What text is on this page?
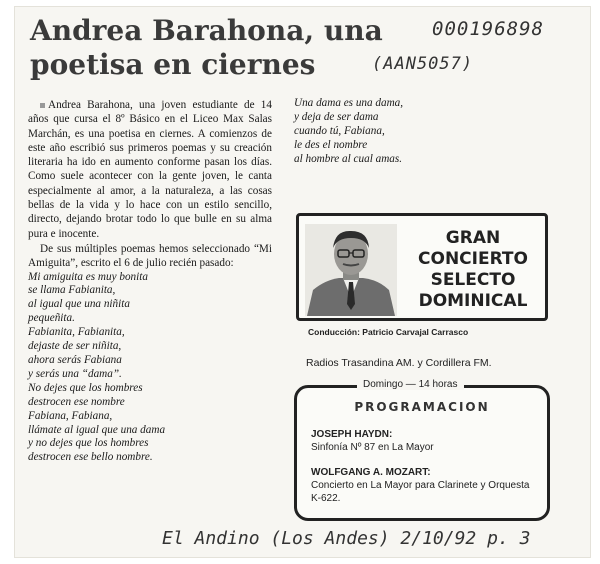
Andrea Barahona, una
poetisa en ciernes
000196898
(AAN5057)

Andrea Barahona, una joven estudiante de 14 años que cursa el 8º Básico en el Liceo Max Salas Marchán, es una poetisa en ciernes. A comienzos de este año escribió sus primeros poemas y su creación literaria ha ido en aumento conforme pasan los días. Como suele acontecer con la gente joven, le canta especialmente al amor, a la naturaleza, a las cosas bellas de la vida y lo hace con un estilo sencillo, directo, dejando brotar todo lo que bulle en su alma pura e inocente.

De sus múltiples poemas hemos seleccionado “Mi Amiguita”, escrito el 6 de julio recién pasado:

Mi amiguita es muy bonita
se llama Fabianita,
al igual que una niñita
pequeñita.
Fabianita, Fabianita,
dejaste de ser niñita,
ahora serás Fabiana
y serás una “dama”.
No dejes que los hombres
destrocen ese nombre
Fabiana, Fabiana,
llámate al igual que una dama
y no dejes que los hombres
destrocen ese bello nombre.
Una dama es una dama,
y deja de ser dama
cuando tú, Fabiana,
le des el nombre
al hombre al cual amas.
GRAN
CONCIERTO
SELECTO
DOMINICAL

Conducción: Patricio Carvajal Carrasco

Radios Trasandina AM. y Cordillera FM.

Domingo — 14 horas

PROGRAMACION

JOSEPH HAYDN:
Sinfonía Nº 87 en La Mayor
WOLFGANG A. MOZART:
Concierto en La Mayor para Clarinete y Orquesta K-622.
El Andino (Los Andes) 2/10/92 p. 3
